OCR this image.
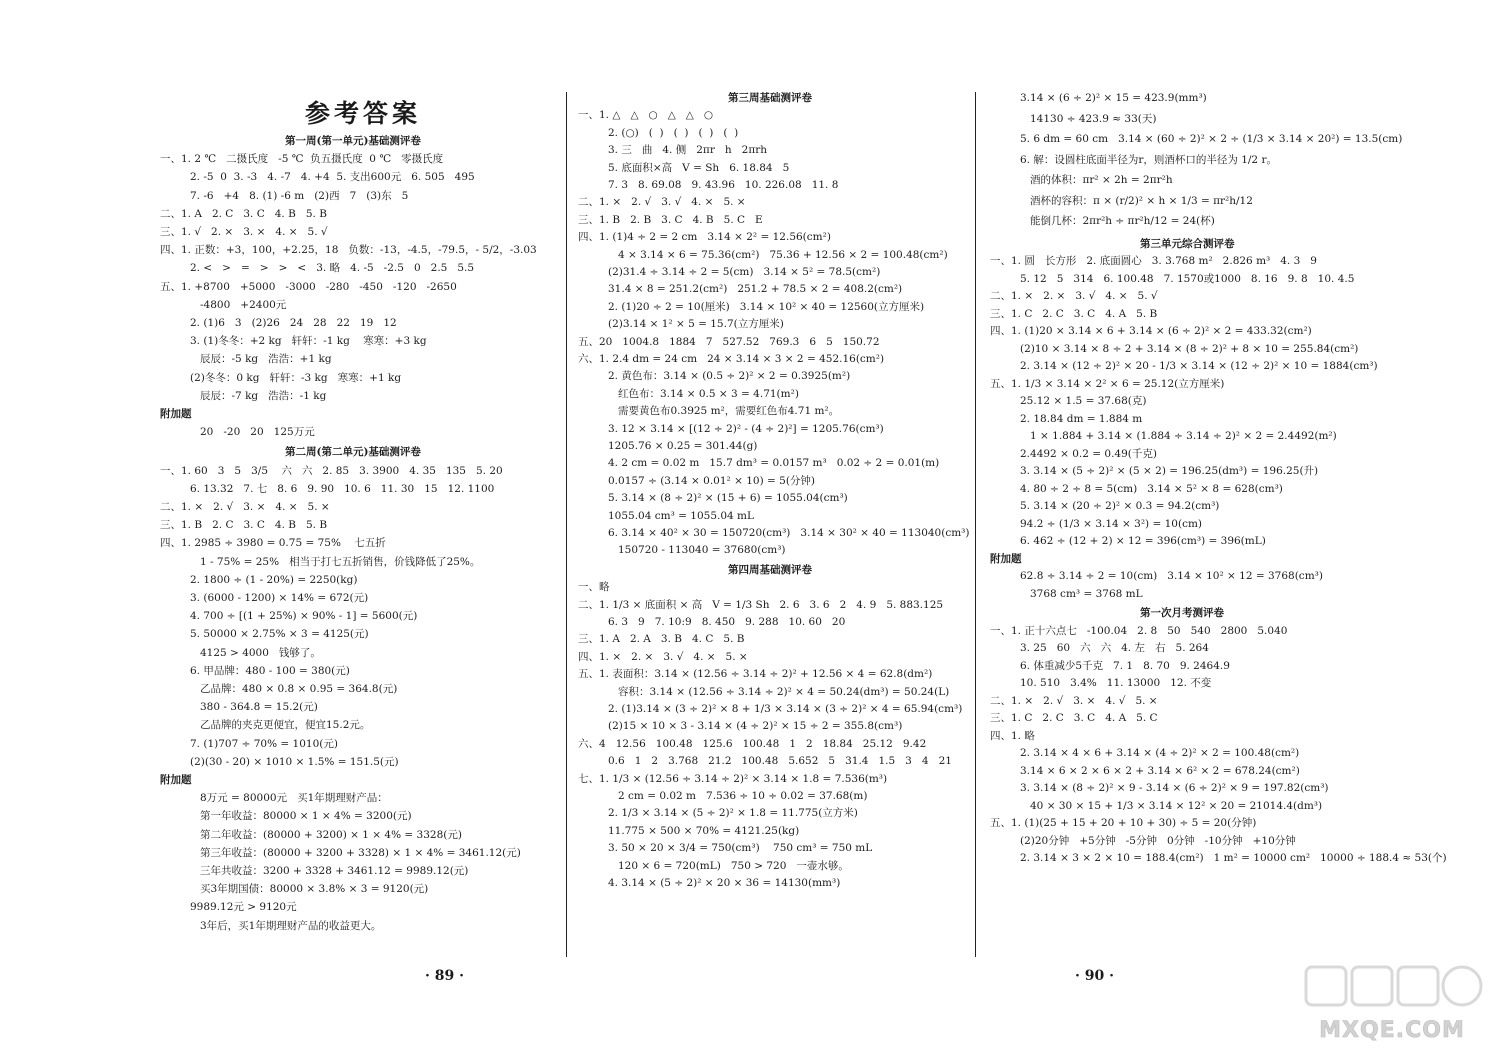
参考答案
第一周(第一单元)基础测评卷
一、1. 2 ℃   二摄氏度   -5 ℃  负五摄氏度  0 ℃   零摄氏度
2. -5  0  3. -3   4. -7   4. +4  5. 支出600元   6. 505   495
7. -6   +4   8. (1) -6 m   (2)西   7   (3)东   5
二、1. A   2. C   3. C   4. B   5. B
三、1. √   2. ×   3. ×   4. ×   5. √
四、1. 正数：+3，100，+2.25，18   负数：-13，-4.5，-79.5，- 5/2，-3.03
2. <   >   =   >   >   <   3. 略   4. -5   -2.5   0   2.5   5.5
五、1. +8700   +5000   -3000   -280   -450   -120   -2650
-4800   +2400元
2. (1)6   3   (2)26   24   28   22   19   12
3. (1)冬冬：+2 kg   轩轩：-1 kg    寒寒：+3 kg
辰辰：-5 kg   浩浩：+1 kg
(2)冬冬：0 kg   轩轩：-3 kg   寒寒：+1 kg
辰辰：-7 kg   浩浩：-1 kg
附加题
20   -20   20   125万元
第二周(第二单元)基础测评卷
一、1. 60   3   5   3/5    六   六   2. 85   3. 3900   4. 35   135   5. 20
6. 13.32   7. 七   8. 6   9. 90   10. 6   11. 30   15   12. 1100
二、1. ×   2. √   3. ×   4. ×   5. ×
三、1. B   2. C   3. C   4. B   5. B
四、1. 2985 ÷ 3980 = 0.75 = 75%    七五折
1 - 75% = 25%   相当于打七五折销售，价钱降低了25%。
2. 1800 ÷ (1 - 20%) = 2250(kg)
3. (6000 - 1200) × 14% = 672(元)
4. 700 ÷ [(1 + 25%) × 90% - 1] = 5600(元)
5. 50000 × 2.75% × 3 = 4125(元)
4125 > 4000   钱够了。
6. 甲品牌：480 - 100 = 380(元)
乙品牌：480 × 0.8 × 0.95 = 364.8(元)
380 - 364.8 = 15.2(元)
乙品牌的夹克更便宜，便宜15.2元。
7. (1)707 ÷ 70% = 1010(元)
(2)(30 - 20) × 1010 × 1.5% = 151.5(元)
附加题
8万元 = 80000元   买1年期理财产品：
第一年收益：80000 × 1 × 4% = 3200(元)
第二年收益：(80000 + 3200) × 1 × 4% = 3328(元)
第三年收益：(80000 + 3200 + 3328) × 1 × 4% = 3461.12(元)
三年共收益：3200 + 3328 + 3461.12 = 9989.12(元)
买3年期国债：80000 × 3.8% × 3 = 9120(元)
9989.12元 > 9120元
3年后，买1年期理财产品的收益更大。
第三周基础测评卷
一、1. △   △   ○   △   △   ○
2. (○)   (  )   (  )   (  )   (  )
3. 三   曲   4. 侧   2πr   h   2πrh
5. 底面积×高   V = Sh   6. 18.84   5
7. 3   8. 69.08   9. 43.96   10. 226.08   11. 8
二、1. ×   2. √   3. √   4. ×   5. ×
三、1. B   2. B   3. C   4. B   5. C   E
四、1. (1)4 ÷ 2 = 2 cm   3.14 × 2² = 12.56(cm²)
4 × 3.14 × 6 = 75.36(cm²)   75.36 + 12.56 × 2 = 100.48(cm²)
(2)31.4 ÷ 3.14 ÷ 2 = 5(cm)   3.14 × 5² = 78.5(cm²)
31.4 × 8 = 251.2(cm²)   251.2 + 78.5 × 2 = 408.2(cm²)
2. (1)20 ÷ 2 = 10(厘米)   3.14 × 10² × 40 = 12560(立方厘米)
(2)3.14 × 1² × 5 = 15.7(立方厘米)
五、20   1004.8   1884   7   527.52   769.3   6   5   150.72
六、1. 2.4 dm = 24 cm   24 × 3.14 × 3 × 2 = 452.16(cm²)
2. 黄色布：3.14 × (0.5 ÷ 2)² × 2 = 0.3925(m²)
红色布：3.14 × 0.5 × 3 = 4.71(m²)
需要黄色布0.3925 m²，需要红色布4.71 m²。
3. 12 × 3.14 × [(12 ÷ 2)² - (4 ÷ 2)²] = 1205.76(cm³)
1205.76 × 0.25 = 301.44(g)
4. 2 cm = 0.02 m   15.7 dm³ = 0.0157 m³   0.02 ÷ 2 = 0.01(m)
0.0157 ÷ (3.14 × 0.01² × 10) = 5(分钟)
5. 3.14 × (8 ÷ 2)² × (15 + 6) = 1055.04(cm³)
1055.04 cm³ = 1055.04 mL
6. 3.14 × 40² × 30 = 150720(cm³)   3.14 × 30² × 40 = 113040(cm³)
150720 - 113040 = 37680(cm³)
第四周基础测评卷
一、略
二、1. 1/3 × 底面积 × 高   V = 1/3 Sh   2. 6   3. 6   2   4. 9   5. 883.125
6. 3   9   7. 10:9   8. 450   9. 288   10. 60   20
三、1. A   2. A   3. B   4. C   5. B
四、1. ×   2. ×   3. √   4. ×   5. ×
五、1. 表面积：3.14 × (12.56 ÷ 3.14 ÷ 2)² + 12.56 × 4 = 62.8(dm²)
容积：3.14 × (12.56 ÷ 3.14 ÷ 2)² × 4 = 50.24(dm³) = 50.24(L)
2. (1)3.14 × (3 ÷ 2)² × 8 + 1/3 × 3.14 × (3 ÷ 2)² × 4 = 65.94(cm³)
(2)15 × 10 × 3 - 3.14 × (4 ÷ 2)² × 15 ÷ 2 = 355.8(cm³)
六、4   12.56   100.48   125.6   100.48   1   2   18.84   25.12   9.42
0.6   1   2   3.768   21.2   100.48   5.652   5   31.4   1.5   3   4   21
七、1. 1/3 × (12.56 ÷ 3.14 ÷ 2)² × 3.14 × 1.8 = 7.536(m³)
2 cm = 0.02 m   7.536 ÷ 10 ÷ 0.02 = 37.68(m)
2. 1/3 × 3.14 × (5 ÷ 2)² × 1.8 = 11.775(立方米)
11.775 × 500 × 70% = 4121.25(kg)
3. 50 × 20 × 3/4 = 750(cm³)    750 cm³ = 750 mL
120 × 6 = 720(mL)   750 > 720   一壶水够。
4. 3.14 × (5 ÷ 2)² × 20 × 36 = 14130(mm³)
3.14 × (6 ÷ 2)² × 15 = 423.9(mm³)
14130 ÷ 423.9 ≈ 33(天)
5. 6 dm = 60 cm   3.14 × (60 ÷ 2)² × 2 ÷ (1/3 × 3.14 × 20²) = 13.5(cm)
6. 解：设圆柱底面半径为r，则酒杯口的半径为 1/2 r。
酒的体积：πr² × 2h = 2πr²h
酒杯的容积：π × (r/2)² × h × 1/3 = πr²h/12
能倒几杯：2πr²h ÷ πr²h/12 = 24(杯)
第三单元综合测评卷
一、1. 圆   长方形   2. 底面圆心   3. 3.768 m²   2.826 m³   4. 3   9
5. 12   5   314   6. 100.48   7. 1570或1000   8. 16   9. 8   10. 4.5
二、1. ×   2. ×   3. √   4. ×   5. √
三、1. C   2. C   3. C   4. A   5. B
四、1. (1)20 × 3.14 × 6 + 3.14 × (6 ÷ 2)² × 2 = 433.32(cm²)
(2)10 × 3.14 × 8 ÷ 2 + 3.14 × (8 ÷ 2)² + 8 × 10 = 255.84(cm²)
2. 3.14 × (12 ÷ 2)² × 20 - 1/3 × 3.14 × (12 ÷ 2)² × 10 = 1884(cm³)
五、1. 1/3 × 3.14 × 2² × 6 = 25.12(立方厘米)
25.12 × 1.5 = 37.68(克)
2. 18.84 dm = 1.884 m
1 × 1.884 + 3.14 × (1.884 ÷ 3.14 ÷ 2)² × 2 = 2.4492(m²)
2.4492 × 0.2 = 0.49(千克)
3. 3.14 × (5 ÷ 2)² × (5 × 2) = 196.25(dm³) = 196.25(升)
4. 80 ÷ 2 ÷ 8 = 5(cm)   3.14 × 5² × 8 = 628(cm³)
5. 3.14 × (20 ÷ 2)² × 0.3 = 94.2(cm³)
94.2 ÷ (1/3 × 3.14 × 3²) = 10(cm)
6. 462 ÷ (12 + 2) × 12 = 396(cm³) = 396(mL)
附加题
62.8 ÷ 3.14 ÷ 2 = 10(cm)   3.14 × 10² × 12 = 3768(cm³)
3768 cm³ = 3768 mL
第一次月考测评卷
一、1. 正十六点七   -100.04   2. 8   50   540   2800   5.040
3. 25   60   六   六   4. 左   右   5. 264
6. 体重减少5千克   7. 1   8. 70   9. 2464.9
10. 510   3.4%   11. 13000   12. 不变
二、1. ×   2. √   3. ×   4. √   5. ×
三、1. C   2. C   3. C   4. A   5. C
四、1. 略
2. 3.14 × 4 × 6 + 3.14 × (4 ÷ 2)² × 2 = 100.48(cm²)
3.14 × 6 × 2 × 6 × 2 + 3.14 × 6² × 2 = 678.24(cm²)
3. 3.14 × (8 ÷ 2)² × 9 - 3.14 × (6 ÷ 2)² × 9 = 197.82(cm³)
40 × 30 × 15 + 1/3 × 3.14 × 12² × 20 = 21014.4(dm³)
五、1. (1)(25 + 15 + 20 + 10 + 30) ÷ 5 = 20(分钟)
(2)20分钟   +5分钟   -5分钟   0分钟   -10分钟   +10分钟
2. 3.14 × 3 × 2 × 10 = 188.4(cm²)   1 m² = 10000 cm²   10000 ÷ 188.4 ≈ 53(个)
· 89 ·	· 90 ·
MXQE.COM
